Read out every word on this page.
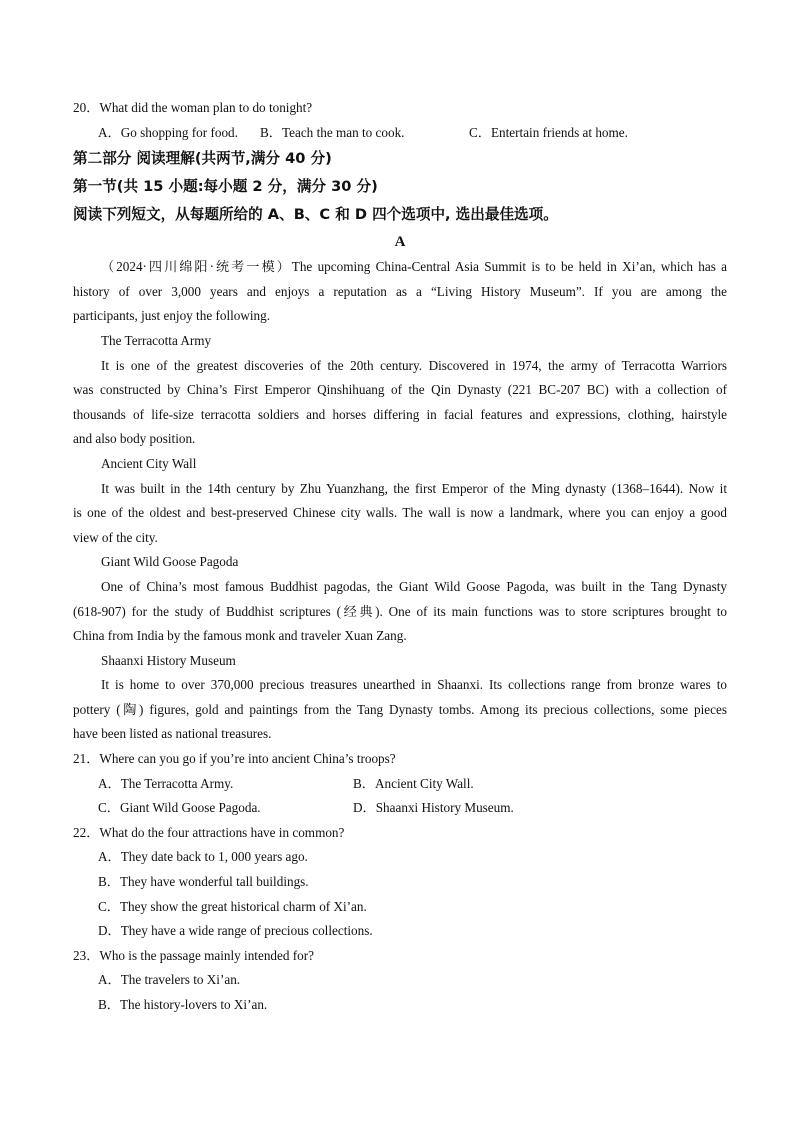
20．What did the woman plan to do tonight?
A．Go shopping for food. B．Teach the man to cook.	C．Entertain friends at home.
第二部分 阅读理解(共两节,满分 40 分)
第一节(共 15 小题:每小题 2 分，满分 30 分)
阅读下列短文，从每题所给的 A、B、C 和 D 四个选项中, 选出最佳选项。
A
（2024·四川绵阳·统考一模）The upcoming China-Central Asia Summit is to be held in Xi’an, which has a
history of over 3,000 years and enjoys a reputation as a “Living History Museum”. If you are among the
participants, just enjoy the following.
The Terracotta Army
It is one of the greatest discoveries of the 20th century. Discovered in 1974, the army of Terracotta Warriors
was constructed by China’s First Emperor Qinshihuang of the Qin Dynasty (221 BC-207 BC) with a collection of
thousands of life-size terracotta soldiers and horses differing in facial features and expressions, clothing, hairstyle
and also body position.
Ancient City Wall
It was built in the 14th century by Zhu Yuanzhang, the first Emperor of the Ming dynasty (1368–1644). Now it
is one of the oldest and best-preserved Chinese city walls. The wall is now a landmark, where you can enjoy a good
view of the city.
Giant Wild Goose Pagoda
One of China’s most famous Buddhist pagodas, the Giant Wild Goose Pagoda, was built in the Tang Dynasty
(618-907) for the study of Buddhist scriptures (经典). One of its main functions was to store scriptures brought to
China from India by the famous monk and traveler Xuan Zang.
Shaanxi History Museum
It is home to over 370,000 precious treasures unearthed in Shaanxi. Its collections range from bronze wares to
pottery (陶) figures, gold and paintings from the Tang Dynasty tombs. Among its precious collections, some pieces
have been listed as national treasures.
21．Where can you go if you’re into ancient China’s troops?
A．The Terracotta Army.	B．Ancient City Wall.
C．Giant Wild Goose Pagoda.	D．Shaanxi History Museum.
22．What do the four attractions have in common?
A．They date back to 1, 000 years ago.
B．They have wonderful tall buildings.
C．They show the great historical charm of Xi’an.
D．They have a wide range of precious collections.
23．Who is the passage mainly intended for?
A．The travelers to Xi’an.
B．The history-lovers to Xi’an.
